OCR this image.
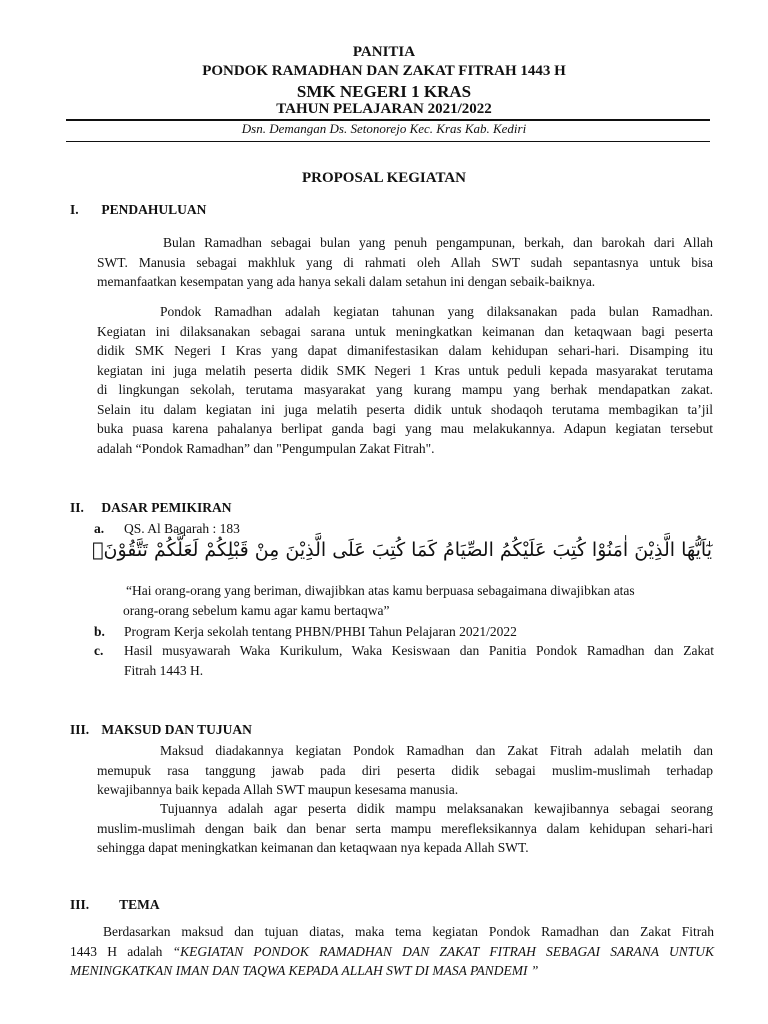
PANITIA
PONDOK RAMADHAN DAN ZAKAT FITRAH 1443 H
SMK NEGERI 1 KRAS
TAHUN PELAJARAN 2021/2022
Dsn. Demangan Ds. Setonorejo Kec. Kras Kab. Kediri
PROPOSAL KEGIATAN
I. PENDAHULUAN
Bulan Ramadhan sebagai bulan yang penuh pengampunan, berkah, dan barokah dari Allah
SWT. Manusia sebagai makhluk yang di rahmati oleh Allah SWT sudah sepantasnya untuk bisa
memanfaatkan kesempatan yang ada hanya sekali dalam setahun ini dengan sebaik-baiknya.
Pondok Ramadhan adalah kegiatan tahunan yang dilaksanakan pada bulan Ramadhan.
Kegiatan ini dilaksanakan sebagai sarana untuk meningkatkan keimanan dan ketaqwaan bagi peserta
didik SMK Negeri I Kras yang dapat dimanifestasikan dalam kehidupan sehari-hari. Disamping itu
kegiatan ini juga melatih peserta didik SMK Negeri 1 Kras untuk peduli kepada masyarakat terutama
di lingkungan sekolah, terutama masyarakat yang kurang mampu yang berhak mendapatkan zakat.
Selain itu dalam kegiatan ini juga melatih peserta didik untuk shodaqoh terutama membagikan ta’jil
buka puasa karena pahalanya berlipat ganda bagi yang mau melakukannya. Adapun kegiatan tersebut
adalah “Pondok Ramadhan” dan "Pengumpulan Zakat Fitrah".
II. DASAR PEMIKIRAN
a. QS. Al Baqarah : 183
يٰٓاَيُّهَا الَّذِيْنَ اٰمَنُوْا كُتِبَ عَلَيْكُمُ الصِّيَامُ كَمَا كُتِبَ عَلَى الَّذِيْنَ مِنْ قَبْلِكُمْ لَعَلَّكُمْ تَتَّقُوْنَۙ
“Hai orang-orang yang beriman, diwajibkan atas kamu berpuasa sebagaimana diwajibkan atas
orang-orang sebelum kamu agar kamu bertaqwa”
b. Program Kerja sekolah tentang PHBN/PHBI Tahun Pelajaran 2021/2022
c. Hasil musyawarah Waka Kurikulum, Waka Kesiswaan dan Panitia Pondok Ramadhan dan Zakat
Fitrah 1443 H.
III. MAKSUD DAN TUJUAN
Maksud diadakannya kegiatan Pondok Ramadhan dan Zakat Fitrah adalah melatih dan
memupuk rasa tanggung jawab pada diri peserta didik sebagai muslim-muslimah terhadap
kewajibannya baik kepada Allah SWT maupun kesesama manusia.
Tujuannya adalah agar peserta didik mampu melaksanakan kewajibannya sebagai seorang
muslim-muslimah dengan baik dan benar serta mampu merefleksikannya dalam kehidupan sehari-hari
sehingga dapat meningkatkan keimanan dan ketaqwaan nya kepada Allah SWT.
III. TEMA
Berdasarkan maksud dan tujuan diatas, maka tema kegiatan Pondok Ramadhan dan Zakat Fitrah
1443 H adalah “KEGIATAN PONDOK RAMADHAN DAN ZAKAT FITRAH SEBAGAI SARANA UNTUK
MENINGKATKAN IMAN DAN TAQWA KEPADA ALLAH SWT DI MASA PANDEMI ”
